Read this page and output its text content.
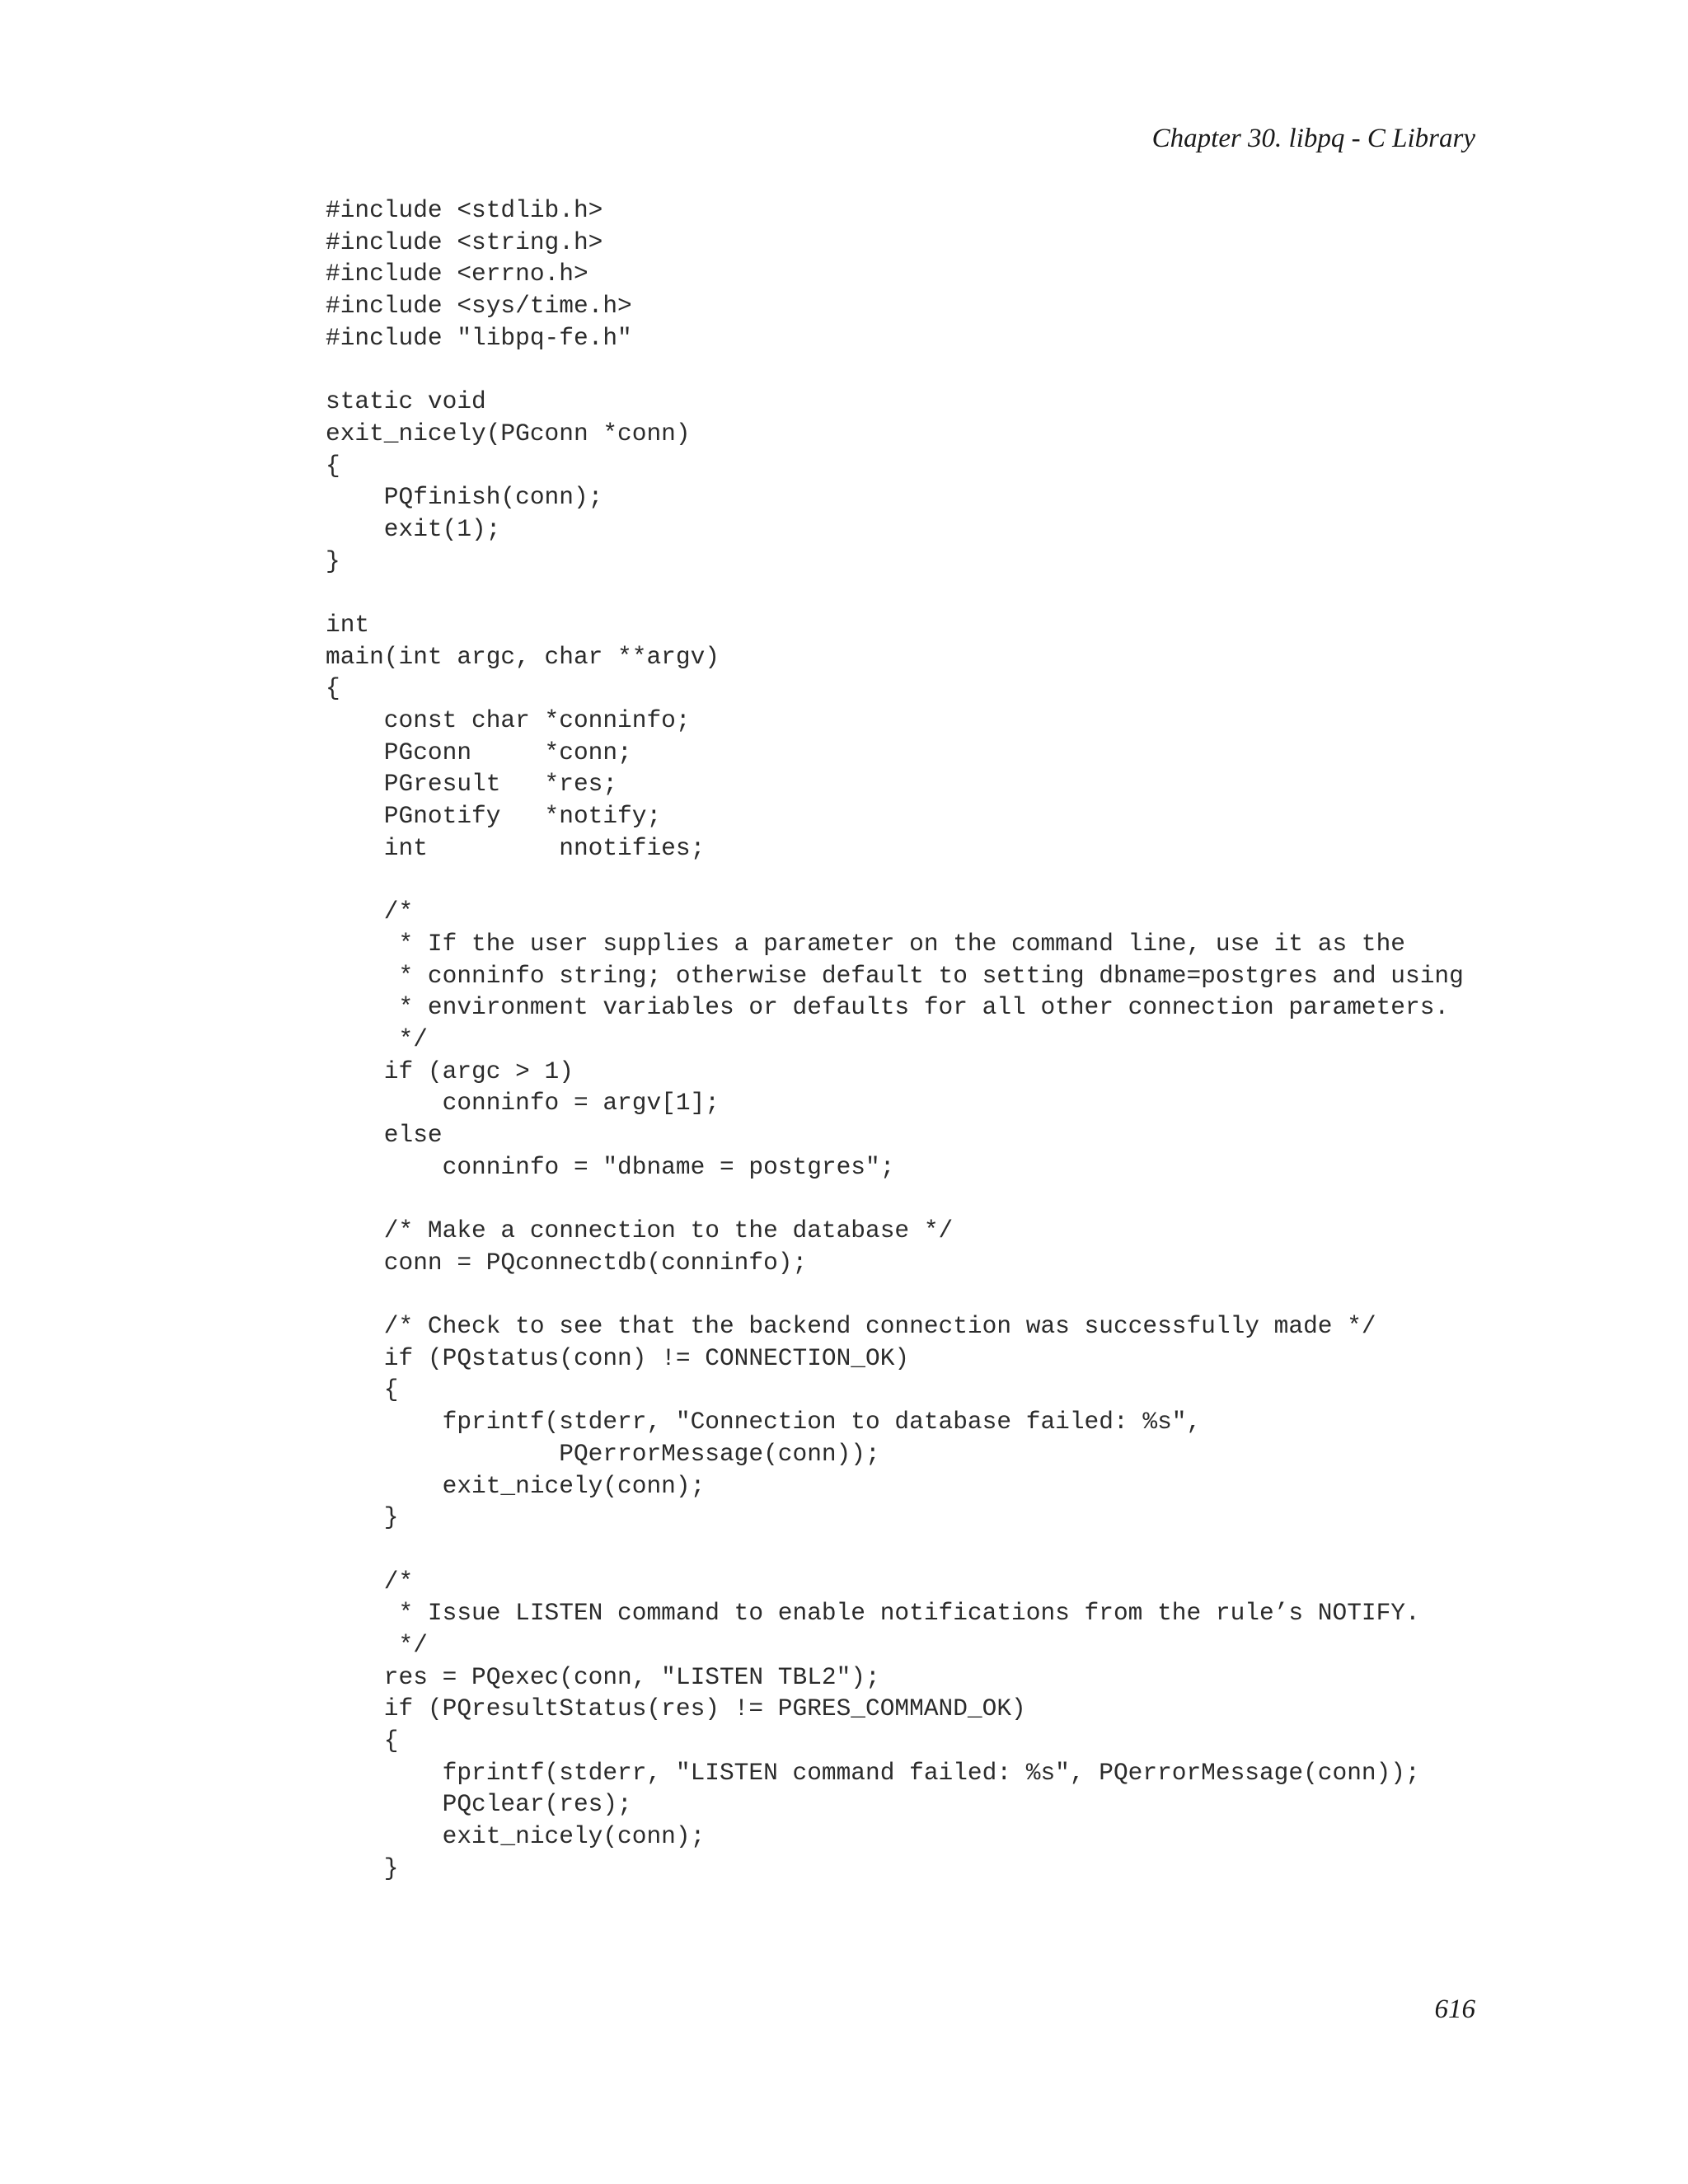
Chapter 30. libpq - C Library
#include <stdlib.h>
#include <string.h>
#include <errno.h>
#include <sys/time.h>
#include "libpq-fe.h"
static void
exit_nicely(PGconn *conn)
{
PQfinish(conn);
exit(1);
}
int
main(int argc, char **argv)
{
const char *conninfo;
PGconn     *conn;
PGresult   *res;
PGnotify   *notify;
int         nnotifies;
/*
* If the user supplies a parameter on the command line, use it as the
* conninfo string; otherwise default to setting dbname=postgres and using
* environment variables or defaults for all other connection parameters.
*/
if (argc > 1)
conninfo = argv[1];
else
conninfo = "dbname = postgres";
/* Make a connection to the database */
conn = PQconnectdb(conninfo);
/* Check to see that the backend connection was successfully made */
if (PQstatus(conn) != CONNECTION_OK)
{
fprintf(stderr, "Connection to database failed: %s",
PQerrorMessage(conn));
exit_nicely(conn);
}
/*
* Issue LISTEN command to enable notifications from the rule’s NOTIFY.
*/
res = PQexec(conn, "LISTEN TBL2");
if (PQresultStatus(res) != PGRES_COMMAND_OK)
{
fprintf(stderr, "LISTEN command failed: %s", PQerrorMessage(conn));
PQclear(res);
exit_nicely(conn);
}
616
